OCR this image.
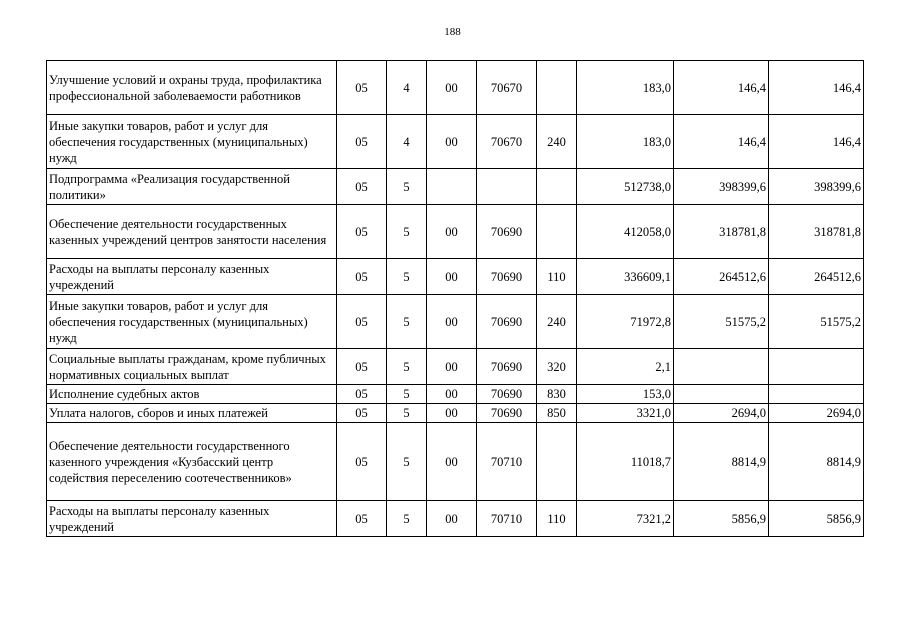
188
Улучшение условий и охраны труда, профилактика профессиональной заболеваемости работников	05	4	00	70670		183,0	146,4	146,4
Иные закупки товаров, работ и услуг для обеспечения государственных (муниципальных) нужд	05	4	00	70670	240	183,0	146,4	146,4
Подпрограмма «Реализация государственной политики»	05	5				512738,0	398399,6	398399,6
Обеспечение деятельности государственных казенных учреждений центров занятости населения	05	5	00	70690		412058,0	318781,8	318781,8
Расходы на выплаты персоналу казенных учреждений	05	5	00	70690	110	336609,1	264512,6	264512,6
Иные закупки товаров, работ и услуг для обеспечения государственных (муниципальных) нужд	05	5	00	70690	240	71972,8	51575,2	51575,2
Социальные выплаты гражданам, кроме публичных нормативных социальных выплат	05	5	00	70690	320	2,1		
Исполнение судебных актов	05	5	00	70690	830	153,0		
Уплата налогов, сборов и иных платежей	05	5	00	70690	850	3321,0	2694,0	2694,0
Обеспечение деятельности государственного казенного учреждения «Кузбасский центр содействия переселению соотечественников»	05	5	00	70710		11018,7	8814,9	8814,9
Расходы на выплаты персоналу казенных учреждений	05	5	00	70710	110	7321,2	5856,9	5856,9
